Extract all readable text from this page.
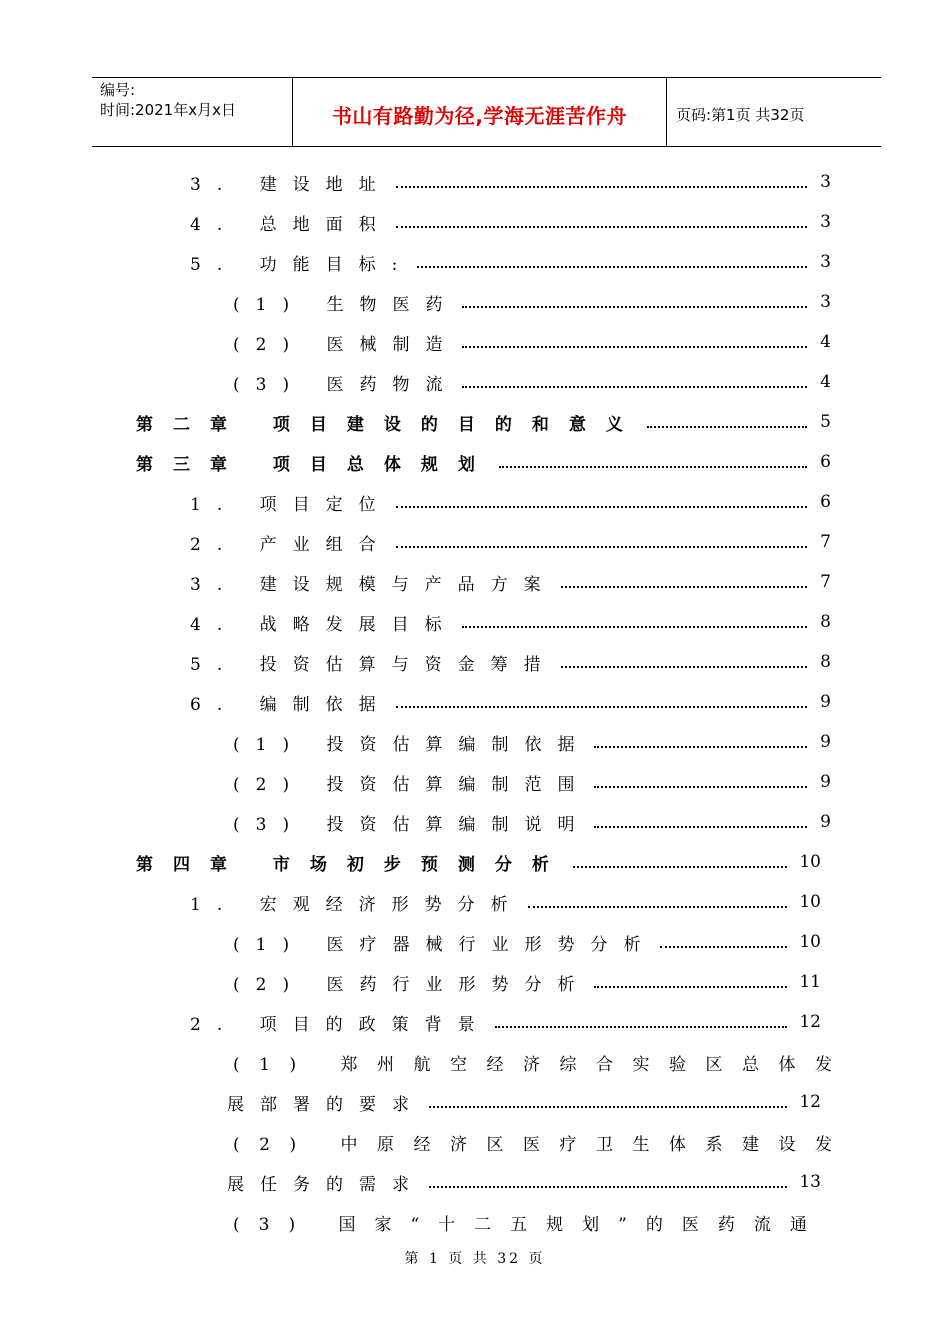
编号:
时间:2021年x月x日	书山有路勤为径,学海无涯苦作舟	页码:第1页 共32页
3. 建设地址	3
4. 总地面积	3
5. 功能目标:	3
(1) 生物医药	3
(2) 医械制造	4
(3) 医药物流	4
第二章 项目建设的目的和意义	5
第三章 项目总体规划	6
1. 项目定位	6
2. 产业组合	7
3. 建设规模与产品方案	7
4. 战略发展目标	8
5. 投资估算与资金筹措	8
6. 编制依据	9
(1) 投资估算编制依据	9
(2) 投资估算编制范围	9
(3) 投资估算编制说明	9
第四章 市场初步预测分析	10
1. 宏观经济形势分析	10
(1) 医疗器械行业形势分析	10
(2) 医药行业形势分析	11
2. 项目的政策背景	12
(1) 郑州航空经济综合实验区总体发
展部署的要求	12
(2) 中原经济区医疗卫生体系建设发
展任务的需求	13
(3) 国家“十二五规划”的医药流通
第 1 页 共 32 页
